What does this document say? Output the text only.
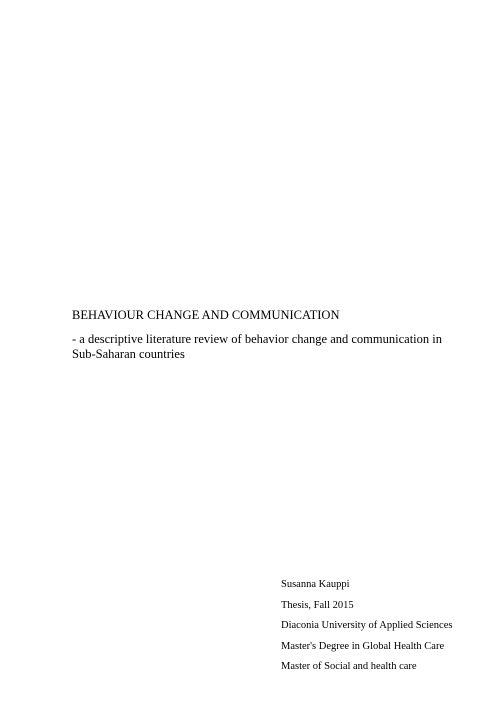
BEHAVIOUR CHANGE AND COMMUNICATION

- a descriptive literature review of behavior change and communication in
Sub-Saharan countries

Susanna Kauppi

Thesis, Fall 2015

Diaconia University of Applied Sciences

Master's Degree in Global Health Care

Master of Social and health care
